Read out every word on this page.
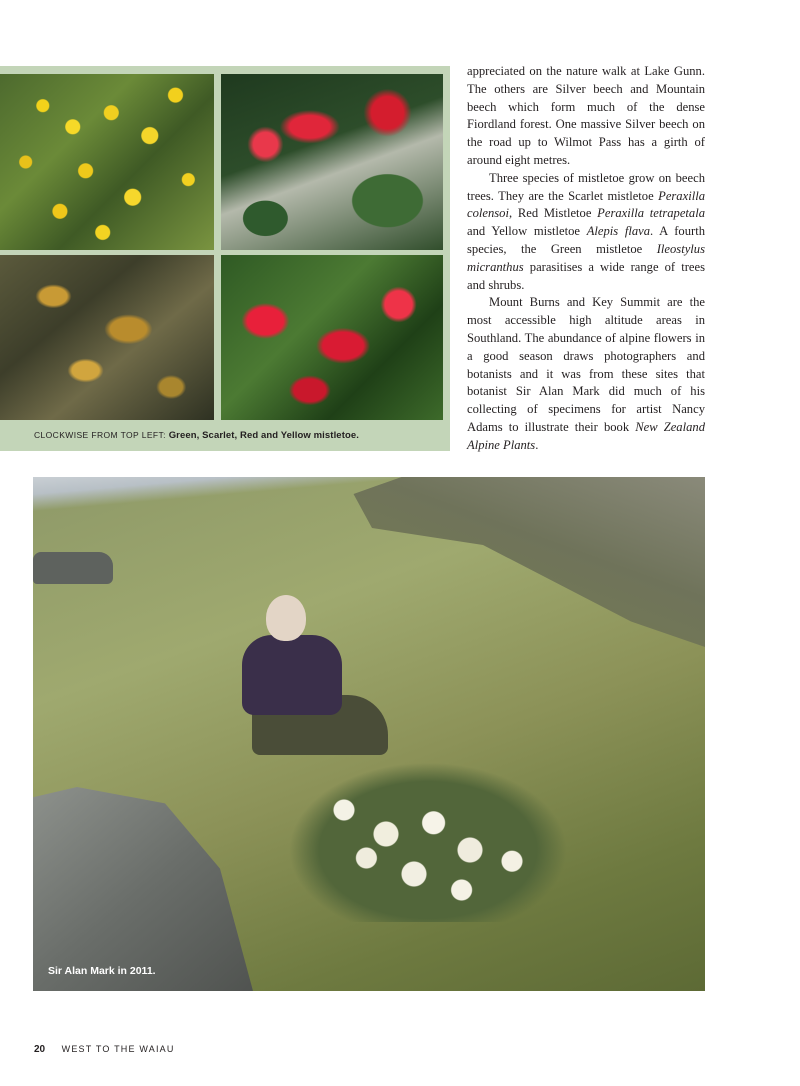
CLOCKWISE FROM TOP LEFT: Green, Scarlet, Red and Yellow mistletoe.

appreciated on the nature walk at Lake Gunn. The others are Silver beech and Mountain beech which form much of the dense Fiordland forest. One massive Silver beech on the road up to Wilmot Pass has a girth of around eight metres.

Three species of mistletoe grow on beech trees. They are the Scarlet mistletoe Peraxilla colensoi, Red Mistletoe Peraxilla tetrapetala and Yellow mistletoe Alepis flava. A fourth species, the Green mistletoe Ileostylus micranthus parasitises a wide range of trees and shrubs.

Mount Burns and Key Summit are the most accessible high altitude areas in Southland. The abundance of alpine flowers in a good season draws photographers and botanists and it was from these sites that botanist Sir Alan Mark did much of his collecting of specimens for artist Nancy Adams to illustrate their book New Zealand Alpine Plants.

Sir Alan Mark in 2011.
20 WEST TO THE WAIAU
